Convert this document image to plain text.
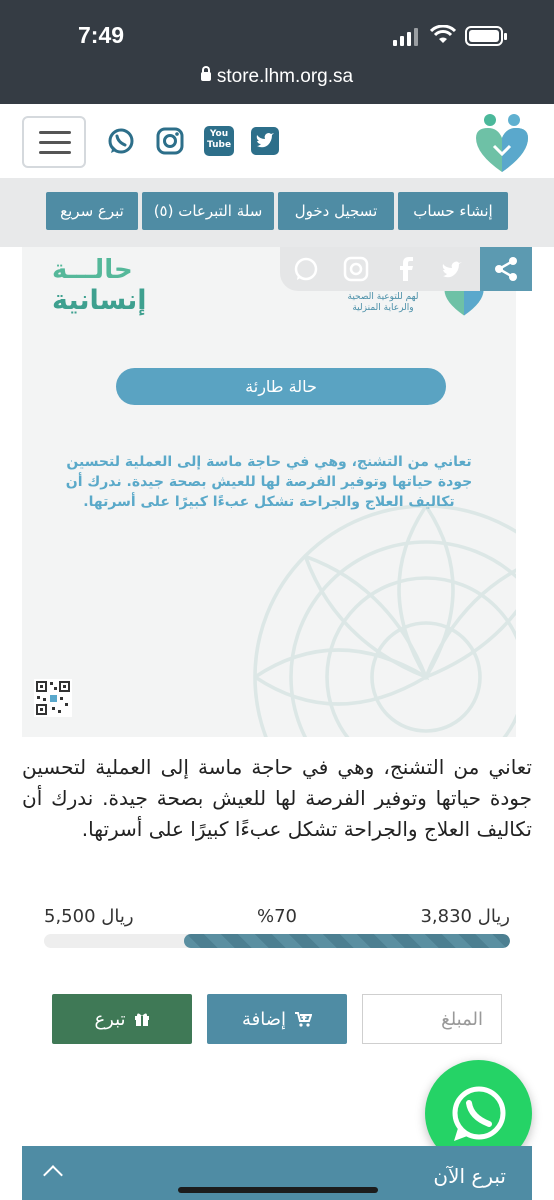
7:49
store.lhm.org.sa
You Tube
إنشاء حساب
تسجيل دخول
سلة التبرعات (٥)
تبرع سريع
حالـــة
إنسانية	لهم للتوعية الصحية
والرعاية المنزلية
حالة طارئة
تعاني من التشنج، وهي في حاجة ماسة إلى العملية لتحسين جودة حياتها وتوفير الفرصة لها للعيش بصحة جيدة. ندرك أن تكاليف العلاج والجراحة تشكل عبءًا كبيرًا على أسرتها.
تعاني من التشنج، وهي في حاجة ماسة إلى العملية لتحسين جودة حياتها وتوفير الفرصة لها للعيش بصحة جيدة. ندرك أن تكاليف العلاج والجراحة تشكل عبءًا كبيرًا على أسرتها.
5,500 ريال	%70	3,830 ريال
تبرع	إضافة
المبلغ
تبرع الآن
